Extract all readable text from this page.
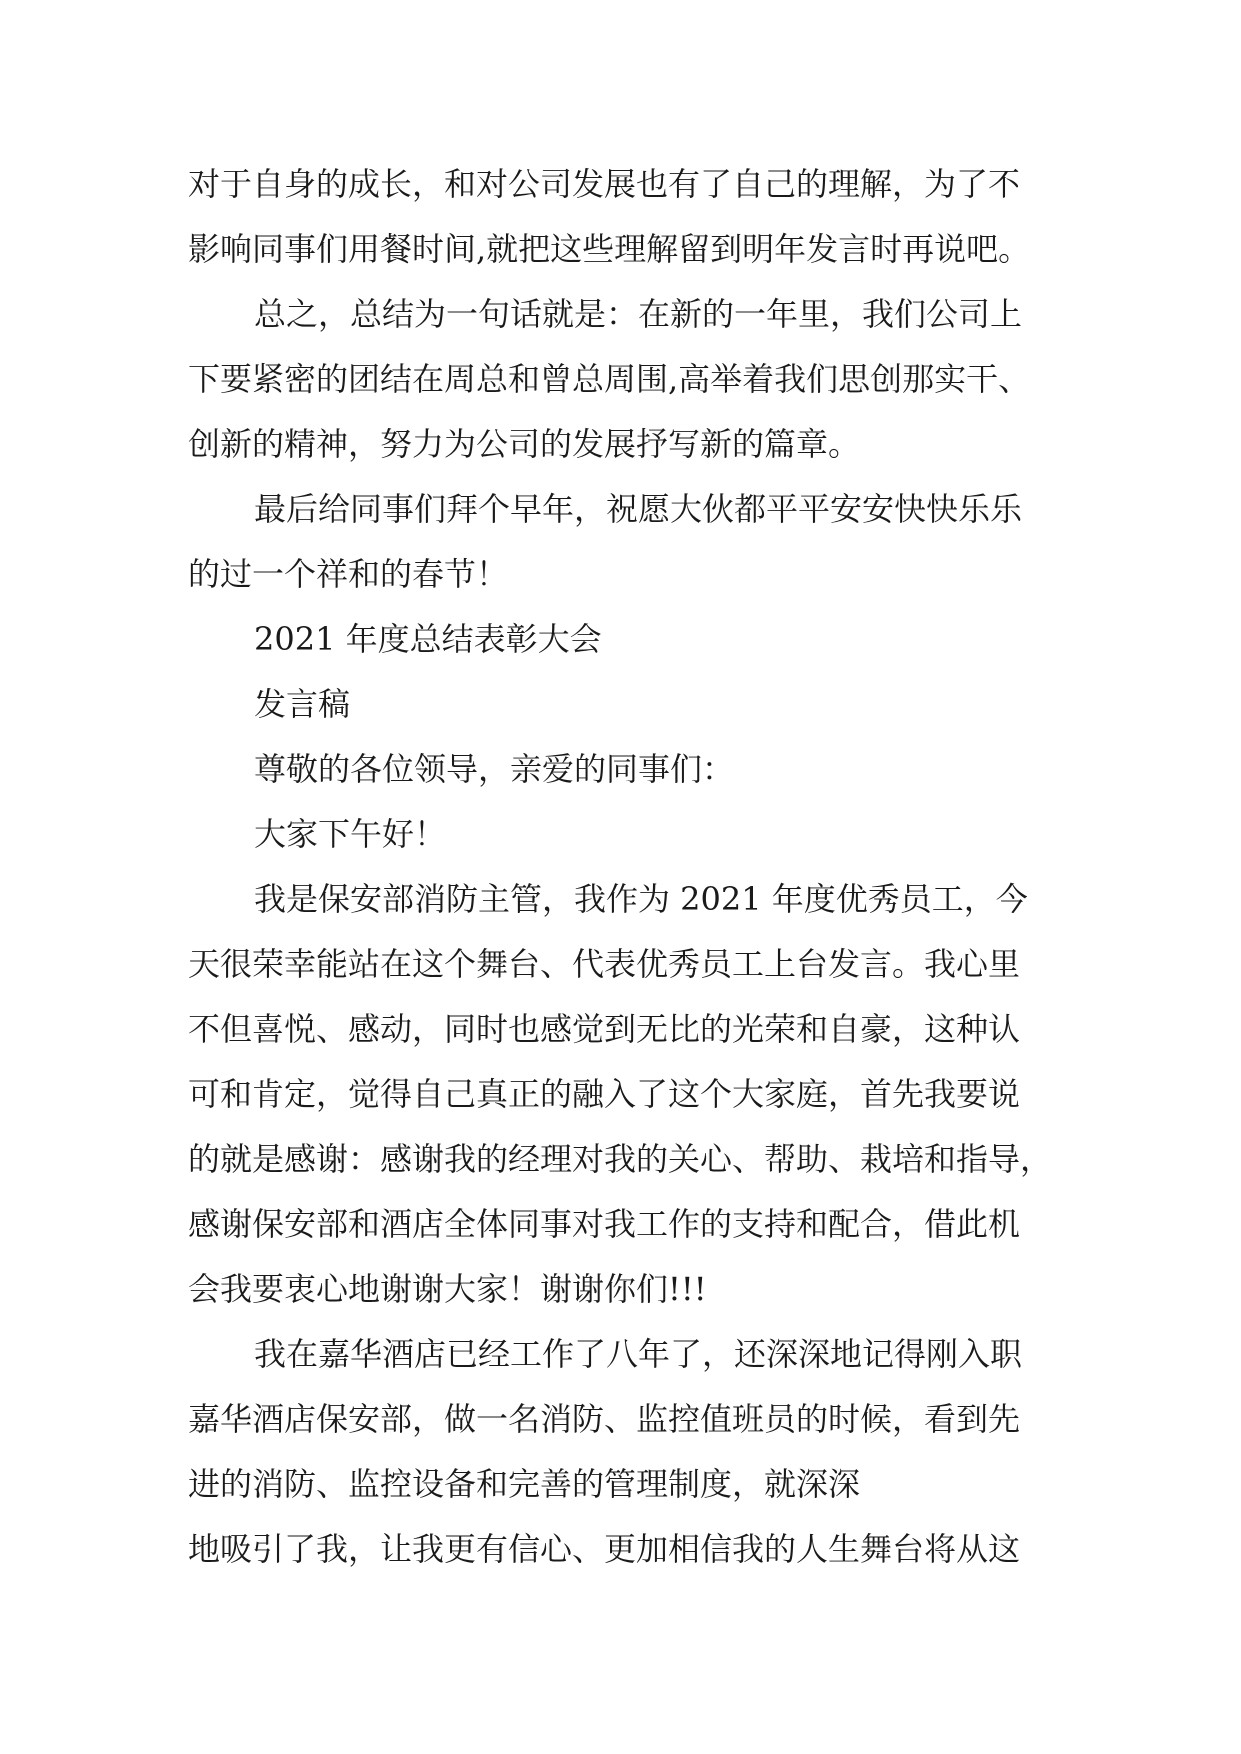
对于自身的成长，和对公司发展也有了自己的理解，为了不

影响同事们用餐时间,就把这些理解留到明年发言时再说吧。

总之，总结为一句话就是：在新的一年里，我们公司上

下要紧密的团结在周总和曾总周围,高举着我们思创那实干、

创新的精神，努力为公司的发展抒写新的篇章。

最后给同事们拜个早年，祝愿大伙都平平安安快快乐乐

的过一个祥和的春节！

2021 年度总结表彰大会

发言稿

尊敬的各位领导，亲爱的同事们：

大家下午好！

我是保安部消防主管，我作为 2021 年度优秀员工，今

天很荣幸能站在这个舞台、代表优秀员工上台发言。我心里

不但喜悦、感动，同时也感觉到无比的光荣和自豪，这种认

可和肯定，觉得自己真正的融入了这个大家庭，首先我要说

的就是感谢：感谢我的经理对我的关心、帮助、栽培和指导，

感谢保安部和酒店全体同事对我工作的支持和配合，借此机

会我要衷心地谢谢大家！谢谢你们!!!

我在嘉华酒店已经工作了八年了，还深深地记得刚入职

嘉华酒店保安部，做一名消防、监控值班员的时候，看到先

进的消防、监控设备和完善的管理制度，就深深

地吸引了我，让我更有信心、更加相信我的人生舞台将从这
